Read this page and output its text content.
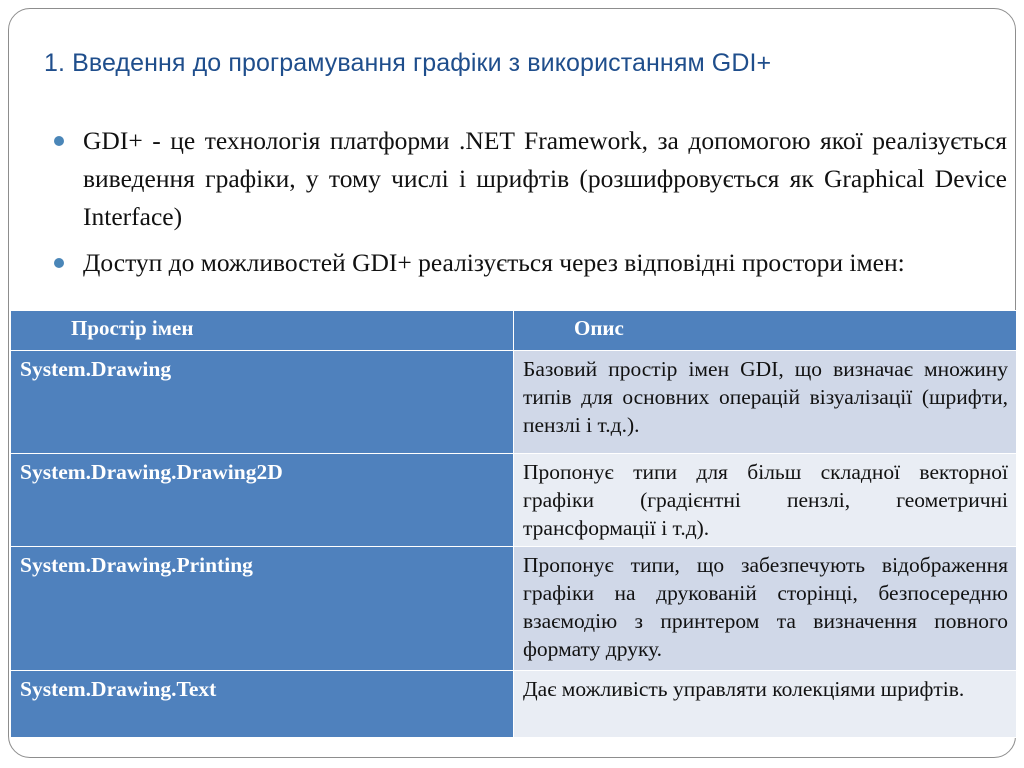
1. Введення до програмування графіки з використанням GDI+
GDI+ - це технологія платформи .NET Framework, за допомогою якої реалізується виведення графіки, у тому числі і шрифтів (розшифровується як Graphical Device Interface)
Доступ до можливостей GDI+ реалізується через відповідні простори імен:
Простір імен	Опис
System.Drawing	Базовий простір імен GDI, що визначає множину типів для основних операцій візуалізації (шрифти, пензлі і т.д.).
System.Drawing.Drawing2D	Пропонує типи для більш складної векторної графіки (градієнтні пензлі, геометричні трансформації і т.д).
System.Drawing.Printing	Пропонує типи, що забезпечують відображення графіки на друкованій сторінці, безпосередню взаємодію з принтером та визначення повного формату друку.
System.Drawing.Text	Дає можливість управляти колекціями шрифтів.
